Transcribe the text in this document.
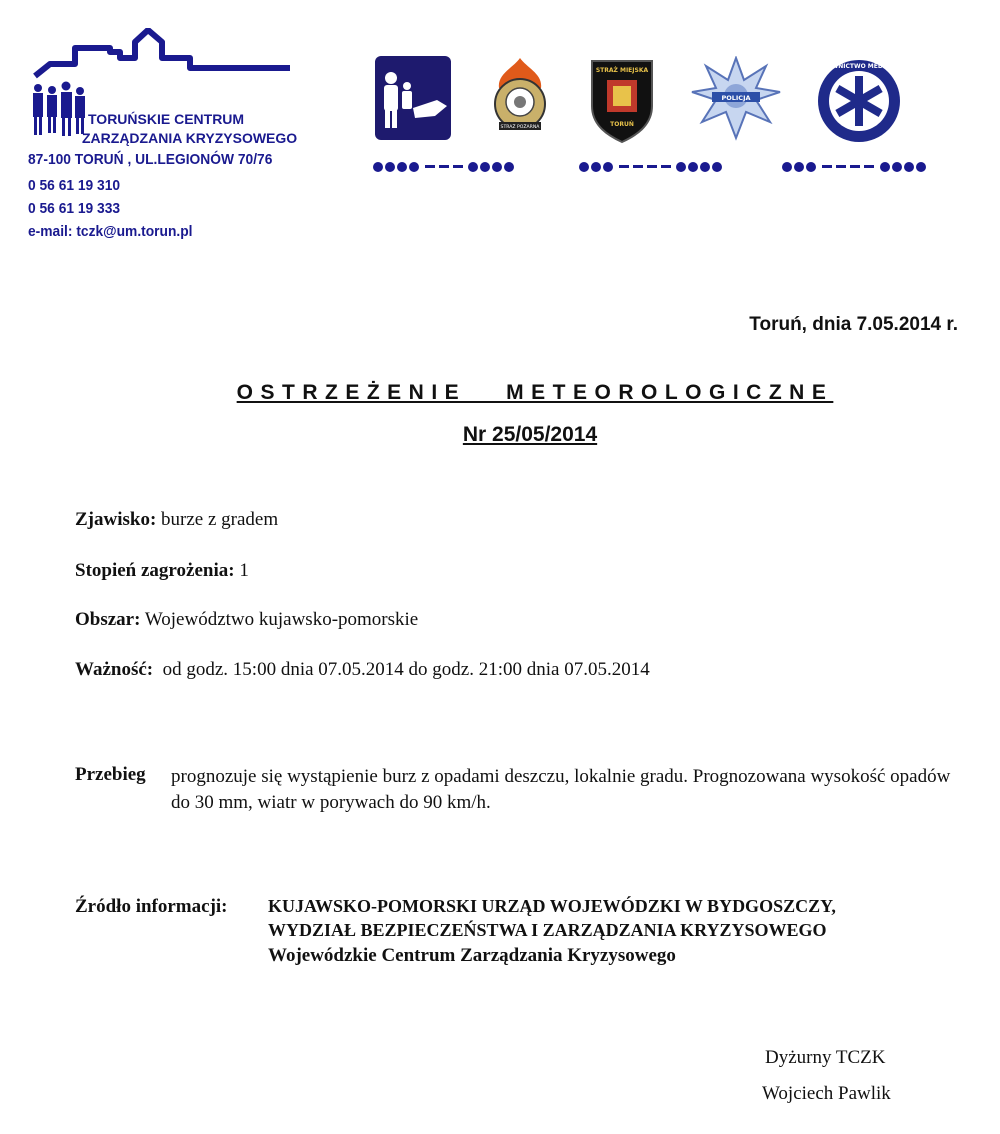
TORUŃSKIE CENTRUM
ZARZĄDZANIA KRYZYSOWEGO
87-100 TORUŃ , UL.LEGIONÓW 70/76
0 56 61 19 310
0 56 61 19 333
e-mail: tczk@um.torun.pl
STRAŻ POŻARNA
STRAŻ MIEJSKA
TORUŃ
POLICJA
RATOWNICTWO MEDYCZNE
Toruń, dnia 7.05.2014 r.
OSTRZEŻENIE   METEOROLOGICZNE
Nr 25/05/2014
Zjawisko: burze z gradem
Stopień zagrożenia: 1
Obszar: Województwo kujawsko-pomorskie
Ważność:  od godz. 15:00 dnia 07.05.2014 do godz. 21:00 dnia 07.05.2014
Przebieg prognozuje się wystąpienie burz z opadami deszczu, lokalnie gradu. Prognozowana wysokość opadów do 30 mm, wiatr w porywach do 90 km/h.
Źródło informacji: KUJAWSKO-POMORSKI URZĄD WOJEWÓDZKI W BYDGOSZCZY,
WYDZIAŁ BEZPIECZEŃSTWA I ZARZĄDZANIA KRYZYSOWEGO
Wojewódzkie Centrum Zarządzania Kryzysowego
Dyżurny TCZK
Wojciech Pawlik
